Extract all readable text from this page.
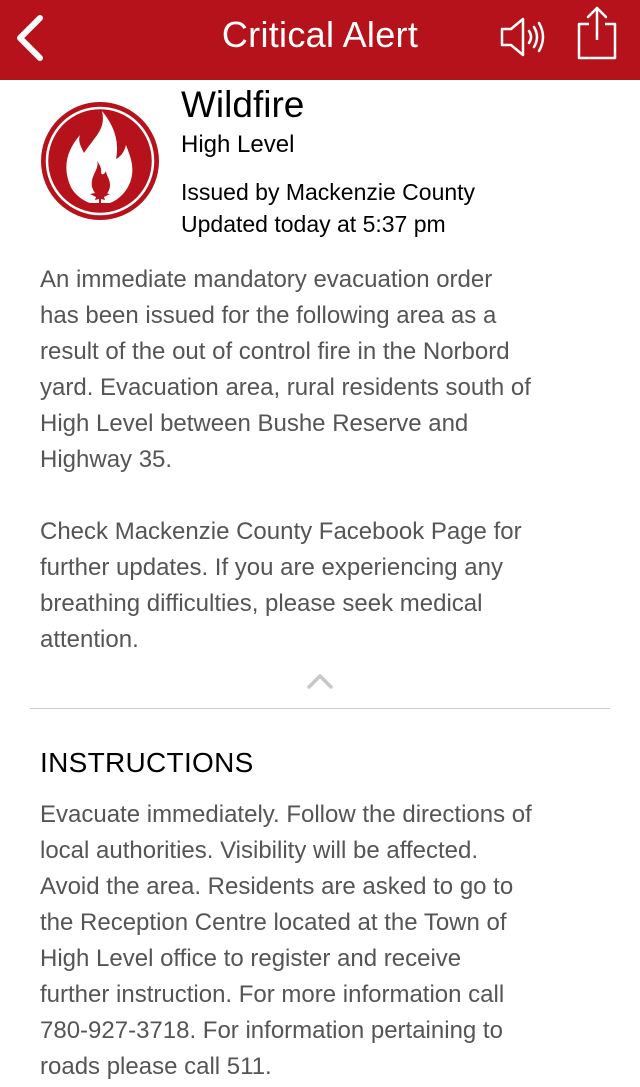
Critical Alert
Wildfire
High Level
Issued by Mackenzie County
Updated today at 5:37 pm
An immediate mandatory evacuation order
has been issued for the following area as a
result of the out of control fire in the Norbord
yard. Evacuation area, rural residents south of
High Level between Bushe Reserve and
Highway 35.
Check Mackenzie County Facebook Page for
further updates. If you are experiencing any
breathing difficulties, please seek medical
attention.
INSTRUCTIONS
Evacuate immediately. Follow the directions of
local authorities. Visibility will be affected.
Avoid the area. Residents are asked to go to
the Reception Centre located at the Town of
High Level office to register and receive
further instruction. For more information call
780-927-3718. For information pertaining to
roads please call 511.
